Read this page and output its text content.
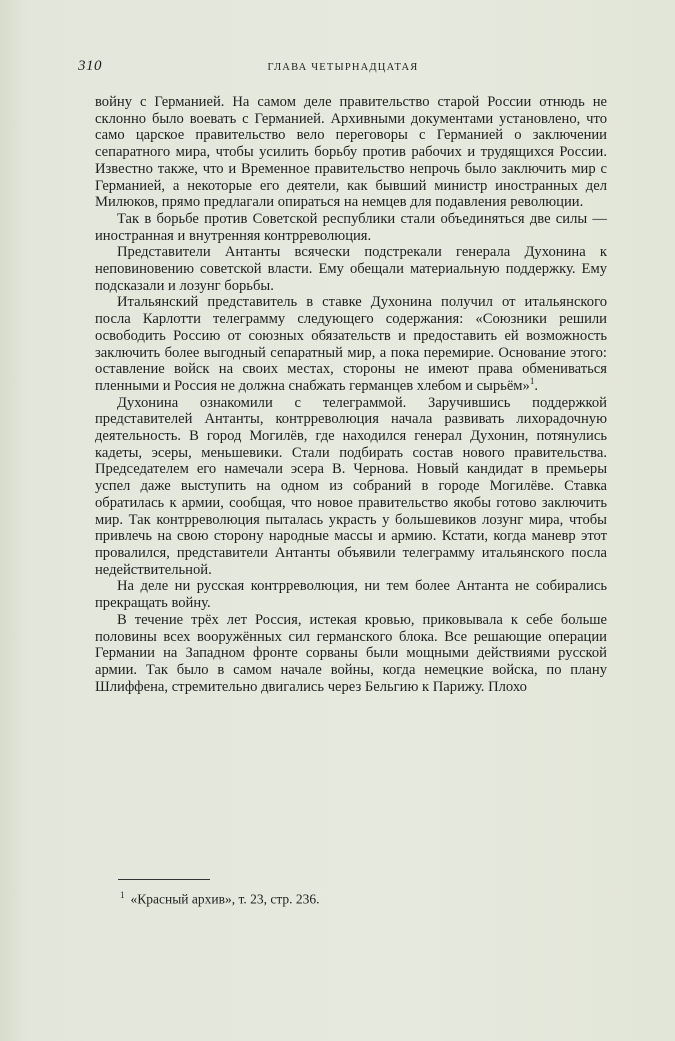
310	ГЛАВА ЧЕТЫРНАДЦАТАЯ

войну с Германией. На самом деле правительство старой России отнюдь не склонно было воевать с Германией. Архивными документами установлено, что само царское правительство вело переговоры с Германией о заключении сепаратного мира, чтобы усилить борьбу против рабочих и трудящихся России. Известно также, что и Временное правительство непрочь было заключить мир с Германией, а некоторые его деятели, как бывший министр иностранных дел Милюков, прямо предлагали опираться на немцев для подавления революции.

Так в борьбе против Советской республики стали объединяться две силы — иностранная и внутренняя контрреволюция.

Представители Антанты всячески подстрекали генерала Духонина к неповиновению советской власти. Ему обещали материальную поддержку. Ему подсказали и лозунг борьбы.

Итальянский представитель в ставке Духонина получил от итальянского посла Карлотти телеграмму следующего содержания: «Союзники решили освободить Россию от союзных обязательств и предоставить ей возможность заключить более выгодный сепаратный мир, а пока перемирие. Основание этого: оставление войск на своих местах, стороны не имеют права обмениваться пленными и Россия не должна снабжать германцев хлебом и сырьём»$^1$.

Духонина ознакомили с телеграммой. Заручившись поддержкой представителей Антанты, контрреволюция начала развивать лихорадочную деятельность. В город Могилёв, где находился генерал Духонин, потянулись кадеты, эсеры, меньшевики. Стали подбирать состав нового правительства. Председателем его намечали эсера В. Чернова. Новый кандидат в премьеры успел даже выступить на одном из собраний в городе Могилёве. Ставка обратилась к армии, сообщая, что новое правительство якобы готово заключить мир. Так контрреволюция пыталась украсть у большевиков лозунг мира, чтобы привлечь на свою сторону народные массы и армию. Кстати, когда маневр этот провалился, представители Антанты объявили телеграмму итальянского посла недействительной.

На деле ни русская контрреволюция, ни тем более Антанта не собирались прекращать войну.

В течение трёх лет Россия, истекая кровью, приковывала к себе больше половины всех вооружённых сил германского блока. Все решающие операции Германии на Западном фронте сорваны были мощными действиями русской армии. Так было в самом начале войны, когда немецкие войска, по плану Шлиффена, стремительно двигались через Бельгию к Парижу. Плохо

$^1$ «Красный архив», т. 23, стр. 236.
